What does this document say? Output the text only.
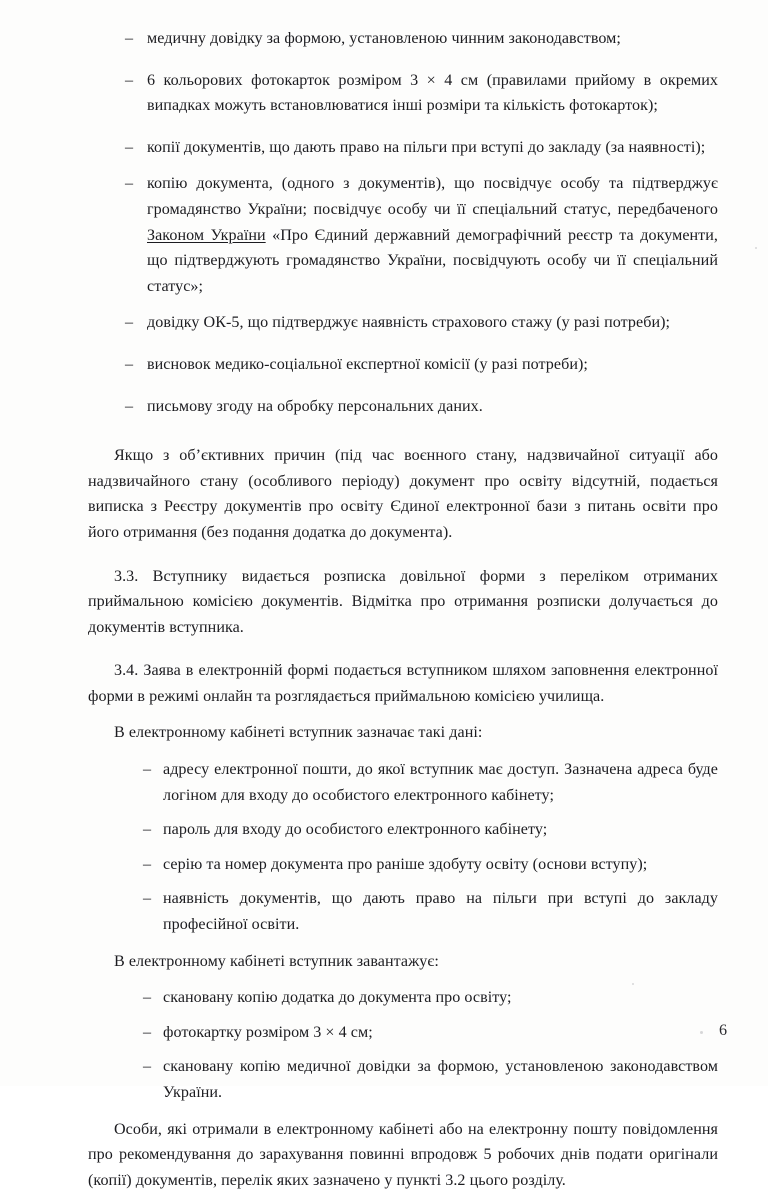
– медичну довідку за формою, установленою чинним законодавством;
– 6 кольорових фотокарток розміром 3 × 4 см (правилами прийому в окремих випадках можуть встановлюватися інші розміри та кількість фотокарток);
– копії документів, що дають право на пільги при вступі до закладу (за наявності);
– копію документа, (одного з документів), що посвідчує особу та підтверджує громадянство України; посвідчує особу чи її спеціальний статус, передбаченого Законом України «Про Єдиний державний демографічний реєстр та документи, що підтверджують громадянство України, посвідчують особу чи її спеціальний статус»;
– довідку ОК-5, що підтверджує наявність страхового стажу (у разі потреби);
– висновок медико-соціальної експертної комісії (у разі потреби);
– письмову згоду на обробку персональних даних.

Якщо з об’єктивних причин (під час воєнного стану, надзвичайної ситуації або надзвичайного стану (особливого періоду) документ про освіту відсутній, подається виписка з Реєстру документів про освіту Єдиної електронної бази з питань освіти про його отримання (без подання додатка до документа).

3.3. Вступнику видається розписка довільної форми з переліком отриманих приймальною комісією документів. Відмітка про отримання розписки долучається до документів вступника.

3.4. Заява в електронній формі подається вступником шляхом заповнення електронної форми в режимі онлайн та розглядається приймальною комісією училища.

В електронному кабінеті вступник зазначає такі дані:

– адресу електронної пошти, до якої вступник має доступ. Зазначена адреса буде логіном для входу до особистого електронного кабінету;
– пароль для входу до особистого електронного кабінету;
– серію та номер документа про раніше здобуту освіту (основи вступу);
– наявність документів, що дають право на пільги при вступі до закладу професійної освіти.

В електронному кабінеті вступник завантажує:

– скановану копію додатка до документа про освіту;
– фотокартку розміром 3 × 4 см;
– скановану копію медичної довідки за формою, установленою законодавством України.

Особи, які отримали в електронному кабінеті або на електронну пошту повідомлення про рекомендування до зарахування повинні впродовж 5 робочих днів подати оригінали (копії) документів, перелік яких зазначено у пункті 3.2 цього розділу.

6
